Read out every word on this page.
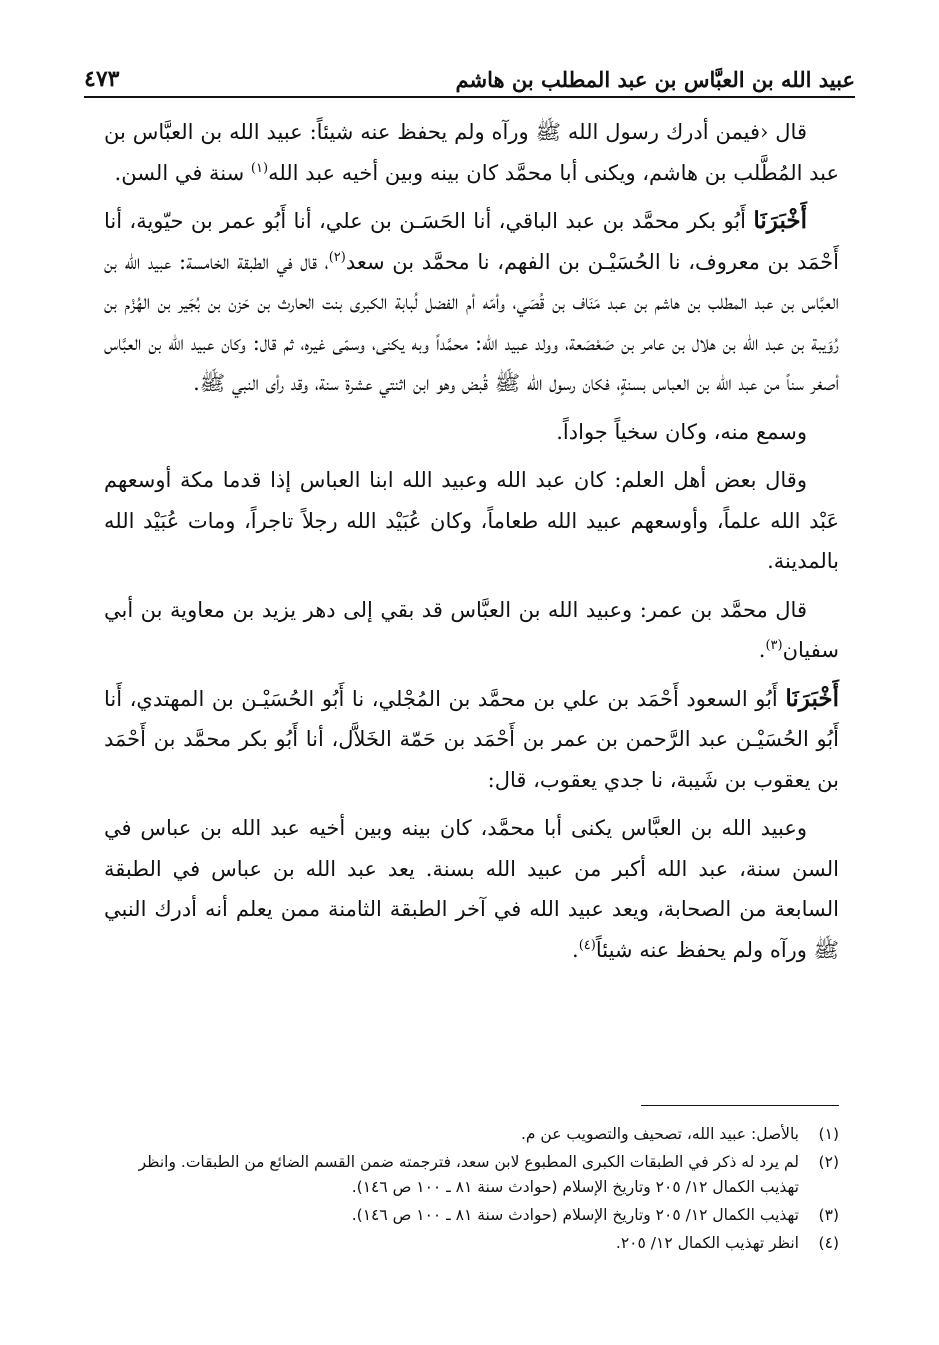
عبيد الله بن العبَّاس بن عبد المطلب بن هاشم
٤٧٣

قال ‹فيمن أدرك رسول الله ﷺ ورآه ولم يحفظ عنه شيئاً: عبيد الله بن العبَّاس بن عبد المُطَّلب بن هاشم، ويكنى أبا محمَّد كان بينه وبين أخيه عبد الله$^{(١)}$ سنة في السن.

أَخْبَرَنَا أَبُو بكر محمَّد بن عبد الباقي، أنا الحَسَـن بن علي، أنا أَبُو عمر بن حيّوية، أنا أَحْمَد بن معروف، نا الحُسَيْـن بن الفهم، نا محمَّد بن سعد$^{(٢)}$، قال في الطبقة الخامسة: عبيد الله بن العبَّاس بن عبد المطلب بن هاشم بن عبد مَنَاف بن قُصَي، وأمّه أم الفضل لُبابة الكبرى بنت الحارث بن حَزن بن بُجَير بن الهُزْم بن رُوَيبة بن عبد الله بن هلال بن عامر بن صَعْصَعة، وولد عبيد الله: محمَّداً وبه يكنى، وسمّى غيره، ثم قال: وكان عبيد الله بن العبَّاس أصغر سناً من عبد الله بن العباس بسنةٍ، فكان رسول الله ﷺ قُبض وهو ابن اثنتي عشرة سنة، وقد رأى النبي ﷺ.

وسمع منه، وكان سخياً جواداً.

وقال بعض أهل العلم: كان عبد الله وعبيد الله ابنا العباس إذا قدما مكة أوسعهم عَبْد الله علماً، وأوسعهم عبيد الله طعاماً، وكان عُبَيْد الله رجلاً تاجراً، ومات عُبَيْد الله بالمدينة.

قال محمَّد بن عمر: وعبيد الله بن العبَّاس قد بقي إلى دهر يزيد بن معاوية بن أبي سفيان$^{(٣)}$.

أَخْبَرَنَا أَبُو السعود أَحْمَد بن علي بن محمَّد بن المُجْلي، نا أَبُو الحُسَيْـن بن المهتدي، أَنا أَبُو الحُسَيْـن عبد الرَّحمن بن عمر بن أَحْمَد بن حَمّة الخَلاَّل، أنا أَبُو بكر محمَّد بن أَحْمَد بن يعقوب بن شَيبة، نا جدي يعقوب، قال:

وعبيد الله بن العبَّاس يكنى أبا محمَّد، كان بينه وبين أخيه عبد الله بن عباس في السن سنة، عبد الله أكبر من عبيد الله بسنة. يعد عبد الله بن عباس في الطبقة السابعة من الصحابة، ويعد عبيد الله في آخر الطبقة الثامنة ممن يعلم أنه أدرك النبي ﷺ ورآه ولم يحفظ عنه شيئاً$^{(٤)}$.

(١)
بالأصل: عبيد الله، تصحيف والتصويب عن م.
(٢)
لم يرد له ذكر في الطبقات الكبرى المطبوع لابن سعد، فترجمته ضمن القسم الضائع من الطبقات. وانظر تهذيب الكمال ١٢/ ٢٠٥ وتاريخ الإسلام (حوادث سنة ٨١ ـ ١٠٠ ص ١٤٦).
(٣)
تهذيب الكمال ١٢/ ٢٠٥ وتاريخ الإسلام (حوادث سنة ٨١ ـ ١٠٠ ص ١٤٦).
(٤)
انظر تهذيب الكمال ١٢/ ٢٠٥.
